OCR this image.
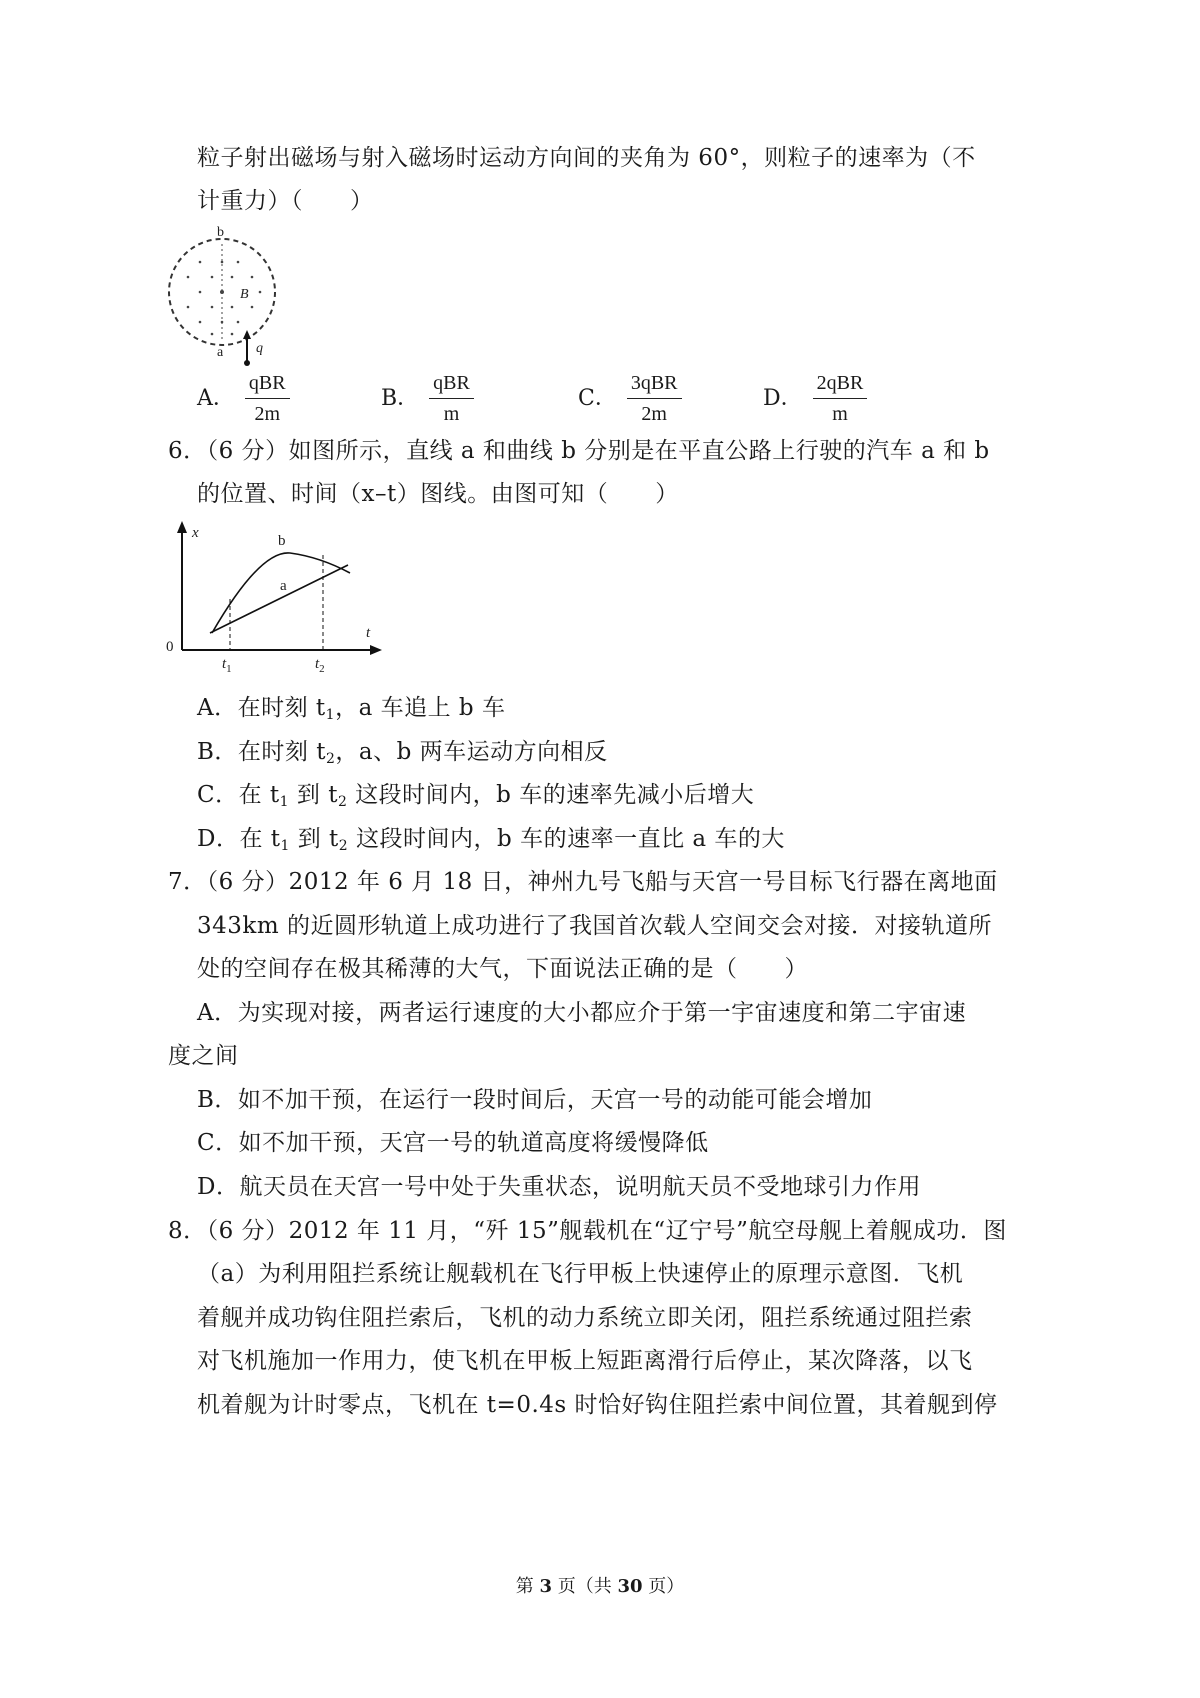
粒子射出磁场与射入磁场时运动方向间的夹角为 60°，则粒子的速率为（不
计重力）（　　）
b
B
a q
A． $\frac{\text{qBR}}{2m}$	B． $\frac{\text{qBR}}{m}$	C． $\frac{\text{3qBR}}{2m}$	D． $\frac{\text{2qBR}}{m}$
6．（6 分）如图所示，直线 a 和曲线 b 分别是在平直公路上行驶的汽车 a 和 b
的位置、时间（x﻿–t）图线。由图可知（　　）
x
t
0
b
a
$t_1$	$t_2$
A．在时刻 $t_1$，a 车追上 b 车
B．在时刻 $t_2$，a、b 两车运动方向相反
C．在 $t_1$ 到 $t_2$ 这段时间内，b 车的速率先减小后增大
D．在 $t_1$ 到 $t_2$ 这段时间内，b 车的速率一直比 a 车的大
7．（6 分）2012 年 6 月 18 日，神州九号飞船与天宫一号目标飞行器在离地面
343km 的近圆形轨道上成功进行了我国首次载人空间交会对接．对接轨道所
处的空间存在极其稀薄的大气，下面说法正确的是（　　）
A．为实现对接，两者运行速度的大小都应介于第一宇宙速度和第二宇宙速
度之间
B．如不加干预，在运行一段时间后，天宫一号的动能可能会增加
C．如不加干预，天宫一号的轨道高度将缓慢降低
D．航天员在天宫一号中处于失重状态，说明航天员不受地球引力作用
8．（6 分）2012 年 11 月，“歼 15”舰载机在“辽宁号”航空母舰上着舰成功．图
（a）为利用阻拦系统让舰载机在飞行甲板上快速停止的原理示意图．飞机
着舰并成功钩住阻拦索后，飞机的动力系统立即关闭，阻拦系统通过阻拦索
对飞机施加一作用力，使飞机在甲板上短距离滑行后停止，某次降落，以飞
机着舰为计时零点，飞机在 t=0.4s 时恰好钩住阻拦索中间位置，其着舰到停
第 3 页（共 30 页）
